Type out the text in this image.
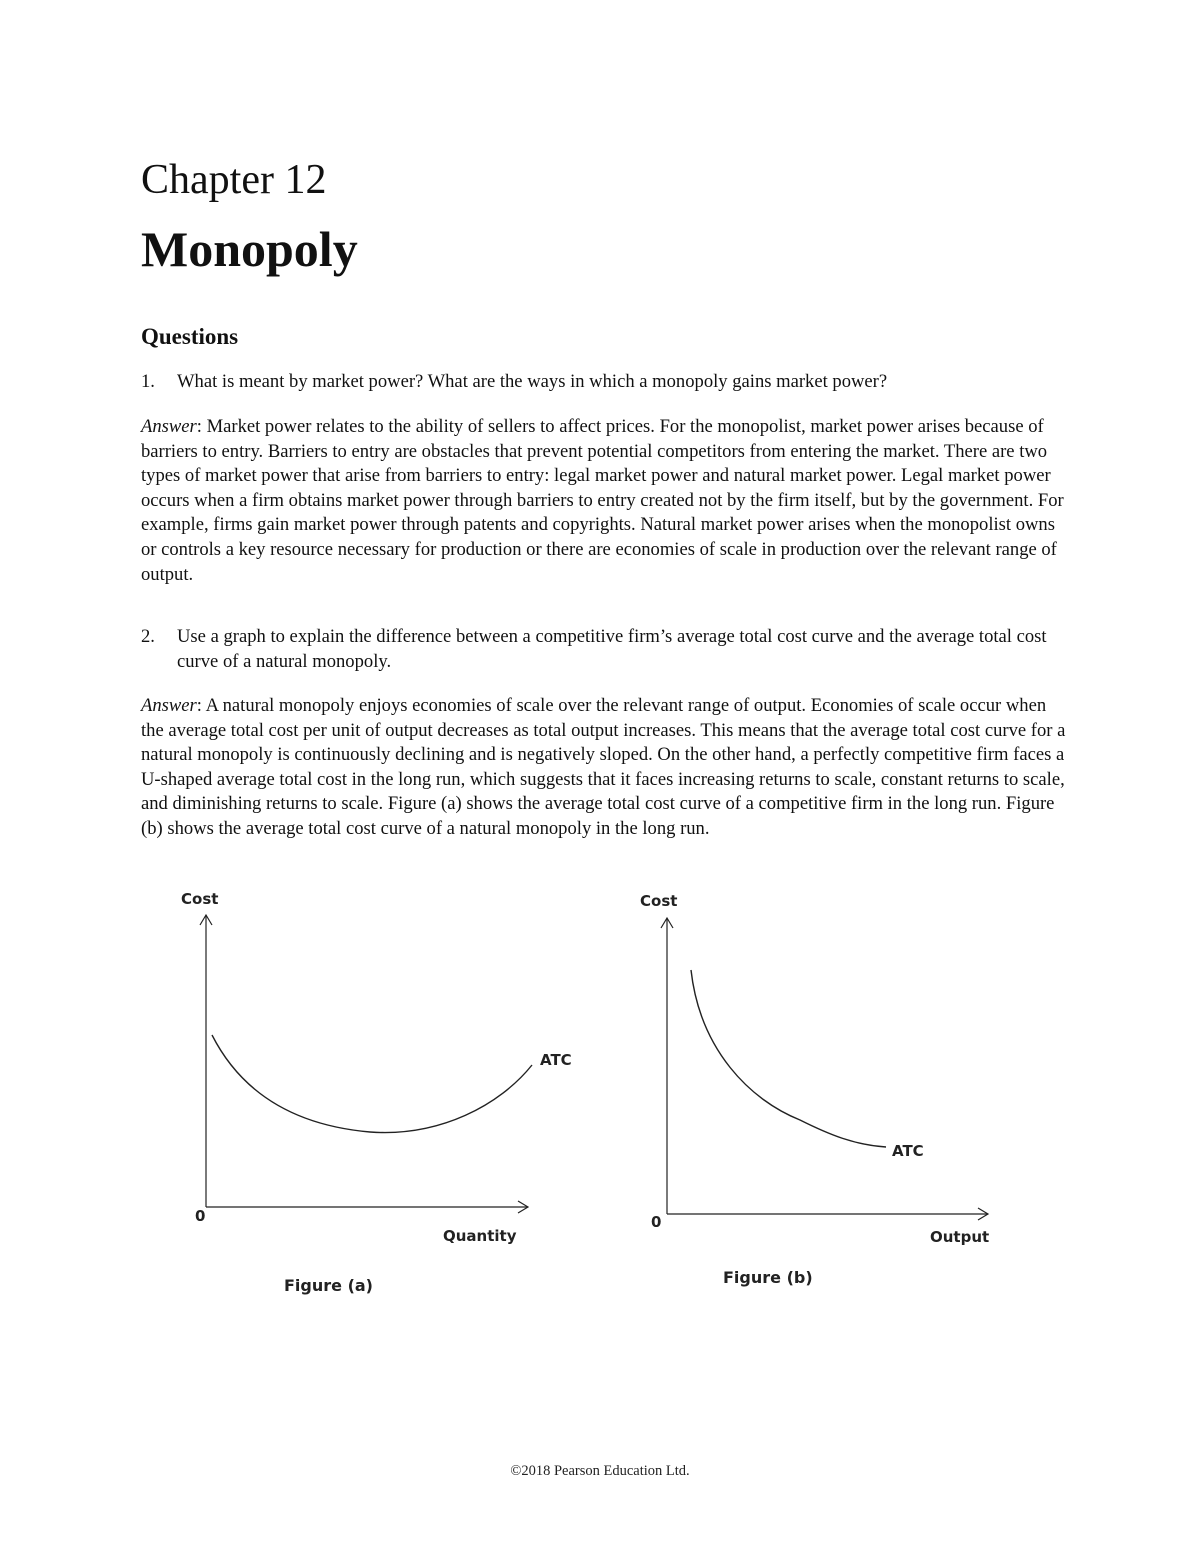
Chapter 12
Monopoly
Questions
1. What is meant by market power? What are the ways in which a monopoly gains market power?
Answer: Market power relates to the ability of sellers to affect prices. For the monopolist, market power arises because of barriers to entry. Barriers to entry are obstacles that prevent potential competitors from entering the market. There are two types of market power that arise from barriers to entry: legal market power and natural market power. Legal market power occurs when a firm obtains market power through barriers to entry created not by the firm itself, but by the government. For example, firms gain market power through patents and copyrights. Natural market power arises when the monopolist owns or controls a key resource necessary for production or there are economies of scale in production over the relevant range of output.
2. Use a graph to explain the difference between a competitive firm’s average total cost curve and the average total cost curve of a natural monopoly.
Answer: A natural monopoly enjoys economies of scale over the relevant range of output. Economies of scale occur when the average total cost per unit of output decreases as total output increases. This means that the average total cost curve for a natural monopoly is continuously declining and is negatively sloped. On the other hand, a perfectly competitive firm faces a U-shaped average total cost in the long run, which suggests that it faces increasing returns to scale, constant returns to scale, and diminishing returns to scale. Figure (a) shows the average total cost curve of a competitive firm in the long run. Figure (b) shows the average total cost curve of a natural monopoly in the long run.
Cost
ATC
0
Quantity
Figure (a)
Cost
ATC
0
Output
Figure (b)
©2018 Pearson Education Ltd.
